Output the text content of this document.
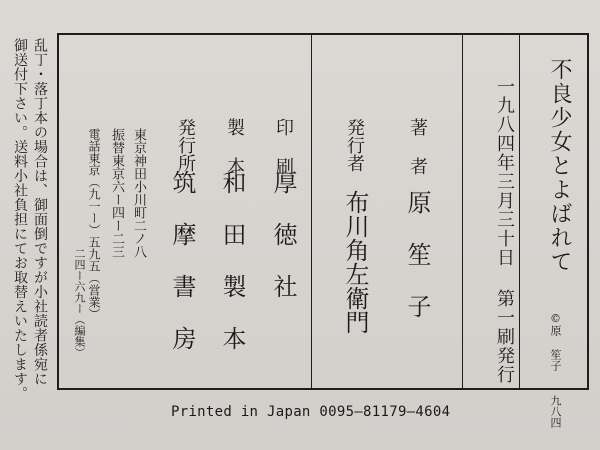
不良少女とよばれて
©原 笙子 一九八四
一九八四年三月三十日 第一刷発行
著 者
原 笙 子
発行者
布川角左衛門
印 刷
厚 徳 社
製 本
和 田 製 本
発行所
筑 摩 書 房
東京神田小川町二ノ八
振替東京六ー四ー二三
電話東京（九一ー）五九五（営業）
二四ー六九ー（編集）
乱丁・落丁本の場合は、御面倒ですが小社読者係宛に
御送付下さい。送料小社負担にてお取替えいたします。
Printed in Japan 0095—81179—4604
